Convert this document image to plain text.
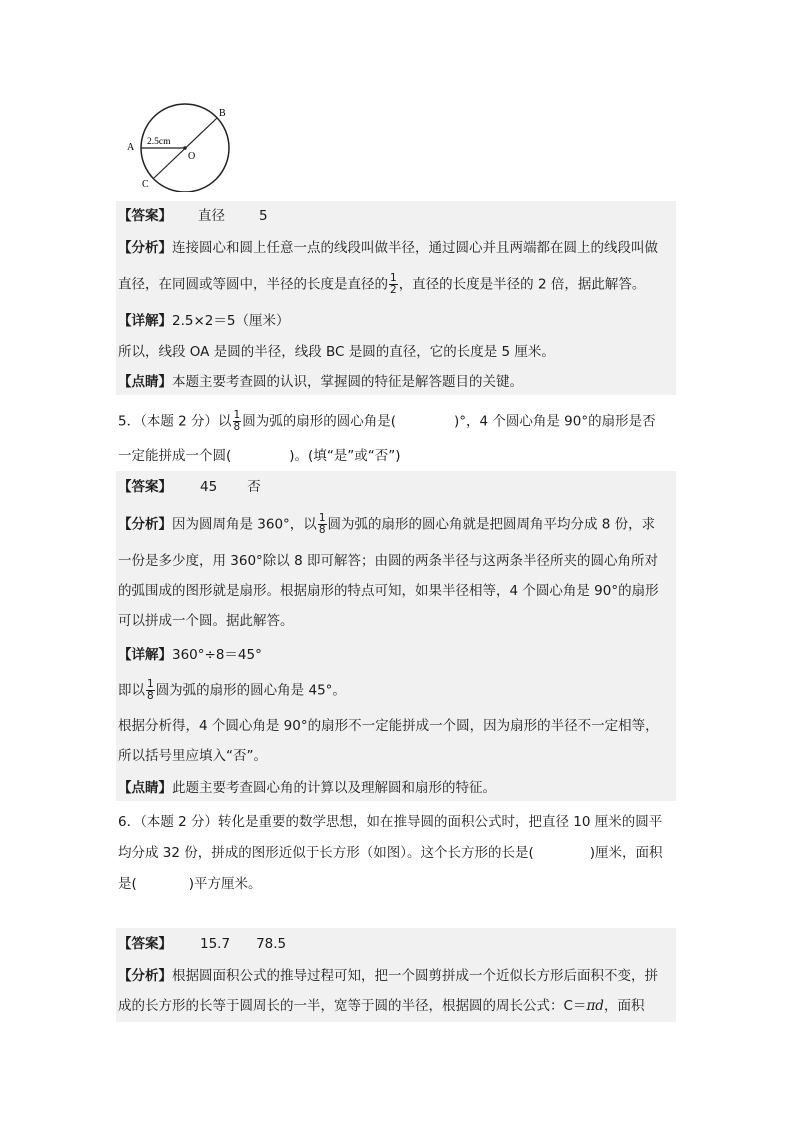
A
B
C
O
2.5cm
【答案】 直径	5
【分析】连接圆心和圆上任意一点的线段叫做半径，通过圆心并且两端都在圆上的线段叫做
直径，在同圆或等圆中，半径的长度是直径的 $\frac{1}{2}$ ，直径的长度是半径的 2 倍，据此解答。
【详解】2.5×2＝5（厘米）
所以，线段 OA 是圆的半径，线段 BC 是圆的直径，它的长度是 5 厘米。
【点睛】本题主要考查圆的认识，掌握圆的特征是解答题目的关键。
5．（本题 2 分）以 $\frac{1}{8}$ 圆为弧的扇形的圆心角是(	)°，4 个圆心角是 90°的扇形是否
一定能拼成一个圆(	)。(填“是”或“否”)
【答案】 45 否
【分析】因为圆周角是 360°，以 $\frac{1}{8}$ 圆为弧的扇形的圆心角就是把圆周角平均分成 8 份，求
一份是多少度，用 360°除以 8 即可解答；由圆的两条半径与这两条半径所夹的圆心角所对
的弧围成的图形就是扇形。根据扇形的特点可知，如果半径相等，4 个圆心角是 90°的扇形
可以拼成一个圆。据此解答。
【详解】360°÷8＝45°
即以 $\frac{1}{8}$ 圆为弧的扇形的圆心角是 45°。
根据分析得，4 个圆心角是 90°的扇形不一定能拼成一个圆，因为扇形的半径不一定相等，
所以括号里应填入“否”。
【点睛】此题主要考查圆心角的计算以及理解圆和扇形的特征。
6．（本题 2 分）转化是重要的数学思想，如在推导圆的面积公式时，把直径 10 厘米的圆平
均分成 32 份，拼成的图形近似于长方形（如图）。这个长方形的长是(	)厘米，面积
是(	)平方厘米。
【答案】 15.7 78.5
【分析】根据圆面积公式的推导过程可知，把一个圆剪拼成一个近似长方形后面积不变，拼
成的长方形的长等于圆周长的一半，宽等于圆的半径，根据圆的周长公式：C＝πd，面积
